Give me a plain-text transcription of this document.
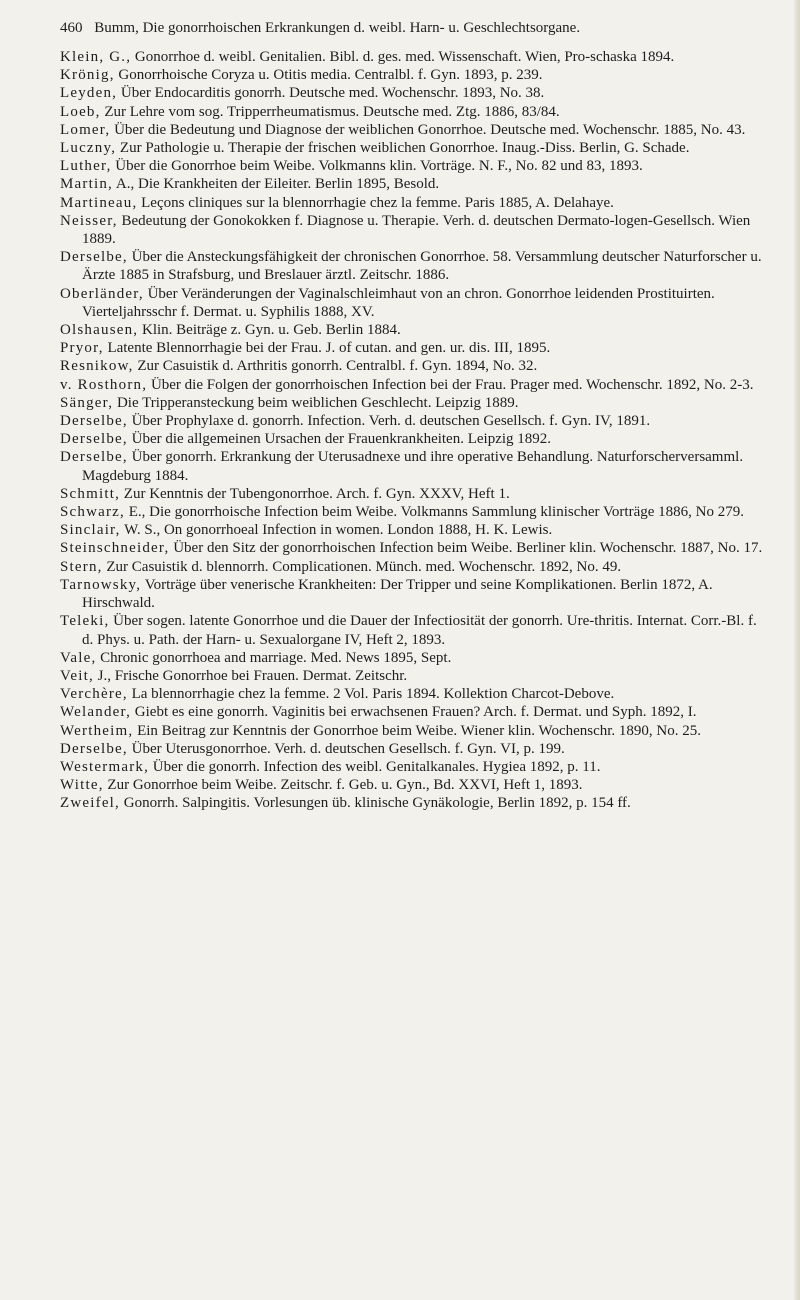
460 Bumm, Die gonorrhoischen Erkrankungen d. weibl. Harn- u. Geschlechtsorgane.
Klein, G., Gonorrhoe d. weibl. Genitalien. Bibl. d. ges. med. Wissenschaft. Wien, Pro-schaska 1894.
Krönig, Gonorrhoische Coryza u. Otitis media. Centralbl. f. Gyn. 1893, p. 239.
Leyden, Über Endocarditis gonorrh. Deutsche med. Wochenschr. 1893, No. 38.
Loeb, Zur Lehre vom sog. Tripperrheumatismus. Deutsche med. Ztg. 1886, 83/84.
Lomer, Über die Bedeutung und Diagnose der weiblichen Gonorrhoe. Deutsche med. Wochenschr. 1885, No. 43.
Luczny, Zur Pathologie u. Therapie der frischen weiblichen Gonorrhoe. Inaug.-Diss. Berlin, G. Schade.
Luther, Über die Gonorrhoe beim Weibe. Volkmanns klin. Vorträge. N. F., No. 82 und 83, 1893.
Martin, A., Die Krankheiten der Eileiter. Berlin 1895, Besold.
Martineau, Leçons cliniques sur la blennorrhagie chez la femme. Paris 1885, A. Delahaye.
Neisser, Bedeutung der Gonokokken f. Diagnose u. Therapie. Verh. d. deutschen Dermato-logen-Gesellsch. Wien 1889.
Derselbe, Über die Ansteckungsfähigkeit der chronischen Gonorrhoe. 58. Versammlung deutscher Naturforscher u. Ärzte 1885 in Strafsburg, und Breslauer ärztl. Zeitschr. 1886.
Oberländer, Über Veränderungen der Vaginalschleimhaut von an chron. Gonorrhoe leidenden Prostituirten. Vierteljahrsschr f. Dermat. u. Syphilis 1888, XV.
Olshausen, Klin. Beiträge z. Gyn. u. Geb. Berlin 1884.
Pryor, Latente Blennorrhagie bei der Frau. J. of cutan. and gen. ur. dis. III, 1895.
Resnikow, Zur Casuistik d. Arthritis gonorrh. Centralbl. f. Gyn. 1894, No. 32.
v. Rosthorn, Über die Folgen der gonorrhoischen Infection bei der Frau. Prager med. Wochenschr. 1892, No. 2-3.
Sänger, Die Tripperansteckung beim weiblichen Geschlecht. Leipzig 1889.
Derselbe, Über Prophylaxe d. gonorrh. Infection. Verh. d. deutschen Gesellsch. f. Gyn. IV, 1891.
Derselbe, Über die allgemeinen Ursachen der Frauenkrankheiten. Leipzig 1892.
Derselbe, Über gonorrh. Erkrankung der Uterusadnexe und ihre operative Behandlung. Naturforscherversamml. Magdeburg 1884.
Schmitt, Zur Kenntnis der Tubengonorrhoe. Arch. f. Gyn. XXXV, Heft 1.
Schwarz, E., Die gonorrhoische Infection beim Weibe. Volkmanns Sammlung klinischer Vorträge 1886, No 279.
Sinclair, W. S., On gonorrhoeal Infection in women. London 1888, H. K. Lewis.
Steinschneider, Über den Sitz der gonorrhoischen Infection beim Weibe. Berliner klin. Wochenschr. 1887, No. 17.
Stern, Zur Casuistik d. blennorrh. Complicationen. Münch. med. Wochenschr. 1892, No. 49.
Tarnowsky, Vorträge über venerische Krankheiten: Der Tripper und seine Komplikationen. Berlin 1872, A. Hirschwald.
Teleki, Über sogen. latente Gonorrhoe und die Dauer der Infectiosität der gonorrh. Ure-thritis. Internat. Corr.-Bl. f. d. Phys. u. Path. der Harn- u. Sexualorgane IV, Heft 2, 1893.
Vale, Chronic gonorrhoea and marriage. Med. News 1895, Sept.
Veit, J., Frische Gonorrhoe bei Frauen. Dermat. Zeitschr.
Verchère, La blennorrhagie chez la femme. 2 Vol. Paris 1894. Kollektion Charcot-Debove.
Welander, Giebt es eine gonorrh. Vaginitis bei erwachsenen Frauen? Arch. f. Dermat. und Syph. 1892, I.
Wertheim, Ein Beitrag zur Kenntnis der Gonorrhoe beim Weibe. Wiener klin. Wochenschr. 1890, No. 25.
Derselbe, Über Uterusgonorrhoe. Verh. d. deutschen Gesellsch. f. Gyn. VI, p. 199.
Westermark, Über die gonorrh. Infection des weibl. Genitalkanales. Hygiea 1892, p. 11.
Witte, Zur Gonorrhoe beim Weibe. Zeitschr. f. Geb. u. Gyn., Bd. XXVI, Heft 1, 1893.
Zweifel, Gonorrh. Salpingitis. Vorlesungen üb. klinische Gynäkologie, Berlin 1892, p. 154 ff.
